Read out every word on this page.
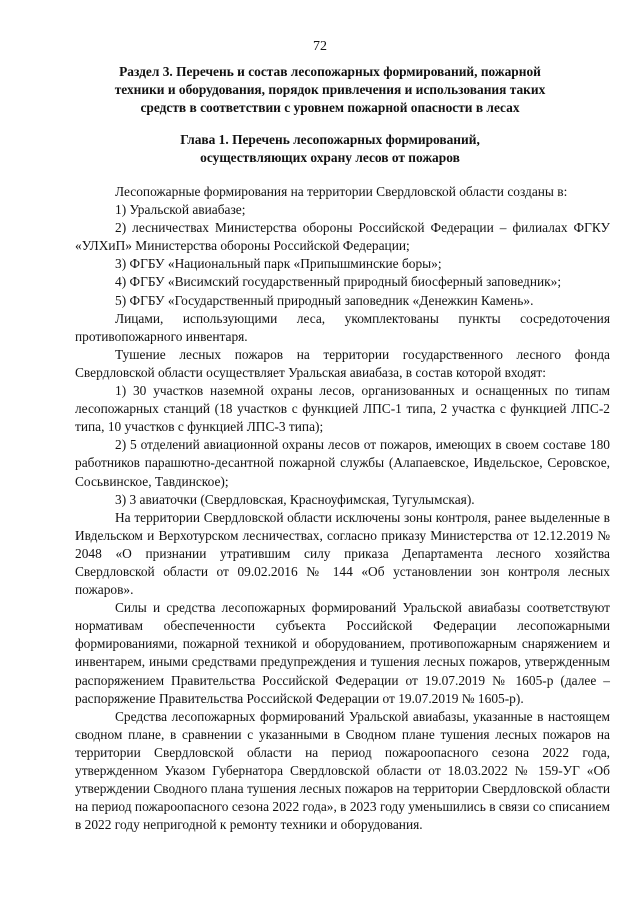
72
Раздел 3. Перечень и состав лесопожарных формирований, пожарной
техники и оборудования, порядок привлечения и использования таких
средств в соответствии с уровнем пожарной опасности в лесах
Глава 1. Перечень лесопожарных формирований,
осуществляющих охрану лесов от пожаров

Лесопожарные формирования на территории Свердловской области созданы в:

1) Уральской авиабазе;

2) лесничествах Министерства обороны Российской Федерации – филиалах ФГКУ «УЛХиП» Министерства обороны Российской Федерации;

3) ФГБУ «Национальный парк «Припышминские боры»;

4) ФГБУ «Висимский государственный природный биосферный заповедник»;

5) ФГБУ «Государственный природный заповедник «Денежкин Камень».

Лицами, использующими леса, укомплектованы пункты сосредоточения противопожарного инвентаря.

Тушение лесных пожаров на территории государственного лесного фонда Свердловской области осуществляет Уральская авиабаза, в состав которой входят:

1) 30 участков наземной охраны лесов, организованных и оснащенных по типам лесопожарных станций (18 участков с функцией ЛПС-1 типа, 2 участка с функцией ЛПС-2 типа, 10 участков с функцией ЛПС-3 типа);

2) 5 отделений авиационной охраны лесов от пожаров, имеющих в своем составе 180 работников парашютно-десантной пожарной службы (Алапаевское, Ивдельское, Серовское, Сосьвинское, Тавдинское);

3) 3 авиаточки (Свердловская, Красноуфимская, Тугулымская).

На территории Свердловской области исключены зоны контроля, ранее выделенные в Ивдельском и Верхотурском лесничествах, согласно приказу Министерства от 12.12.2019 № 2048 «О признании утратившим силу приказа Департамента лесного хозяйства Свердловской области от 09.02.2016 № 144 «Об установлении зон контроля лесных пожаров».

Силы и средства лесопожарных формирований Уральской авиабазы соответствуют нормативам обеспеченности субъекта Российской Федерации лесопожарными формированиями, пожарной техникой и оборудованием, противопожарным снаряжением и инвентарем, иными средствами предупреждения и тушения лесных пожаров, утвержденным распоряжением Правительства Российской Федерации от 19.07.2019 № 1605-р (далее – распоряжение Правительства Российской Федерации от 19.07.2019 № 1605-р).

Средства лесопожарных формирований Уральской авиабазы, указанные в настоящем сводном плане, в сравнении с указанными в Сводном плане тушения лесных пожаров на территории Свердловской области на период пожароопасного сезона 2022 года, утвержденном Указом Губернатора Свердловской области от 18.03.2022 № 159-УГ «Об утверждении Сводного плана тушения лесных пожаров на территории Свердловской области на период пожароопасного сезона 2022 года», в 2023 году уменьшились в связи со списанием в 2022 году непригодной к ремонту техники и оборудования.
